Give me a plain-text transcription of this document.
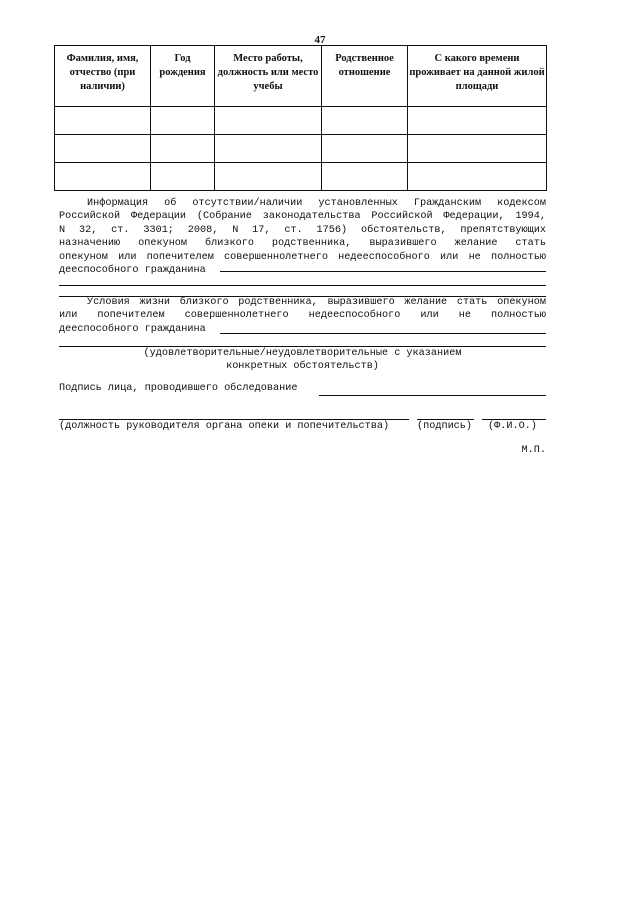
47
Фамилия, имя, отчество (при наличии)	Год рождения	Место работы, должность или место учебы	Родственное отношение	С какого времени проживает на данной жилой площади

Информация об отсутствии/наличии установленных Гражданским кодексом
Российской Федерации (Собрание законодательства Российской Федерации, 1994,
N 32, ст. 3301; 2008, N 17, ст. 1756) обстоятельств, препятствующих
назначению опекуном близкого родственника, выразившего желание стать
опекуном или попечителем совершеннолетнего недееспособного или не полностью
дееспособного гражданина
Условия жизни близкого родственника, выразившего желание стать опекуном
или попечителем совершеннолетнего недееспособного или не полностью
дееспособного гражданина
(удовлетворительные/неудовлетворительные с указанием
конкретных обстоятельств)
Подпись лица, проводившего обследование
(должность руководителя органа опеки и попечительства)	(подпись)	(Ф.И.О.)
М.П.
